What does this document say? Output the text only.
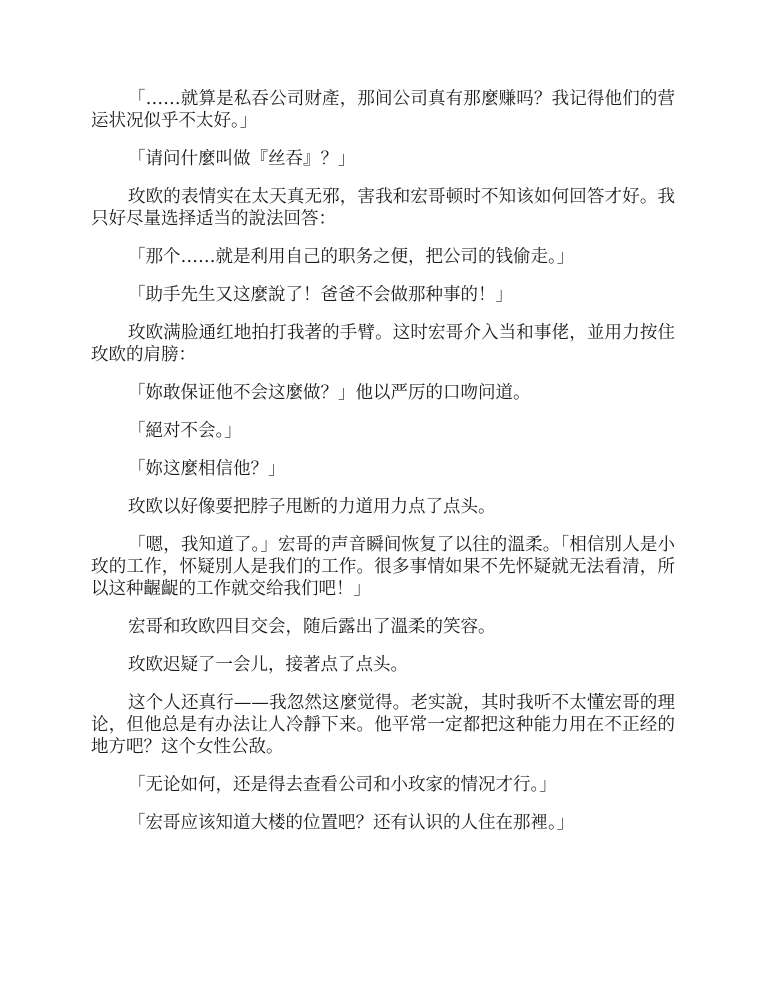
「……就算是私吞公司财產，那间公司真有那麼赚吗？我记得他们的营运状况似乎不太好。」

「请问什麼叫做『丝吞』？」

玫欧的表情实在太天真无邪，害我和宏哥顿时不知该如何回答才好。我只好尽量选择适当的說法回答：

「那个……就是利用自己的职务之便，把公司的钱偷走。」

「助手先生又这麼說了！爸爸不会做那种事的！」

玫欧满脸通红地拍打我著的手臂。这时宏哥介入当和事佬，並用力按住玫欧的肩膀：

「妳敢保证他不会这麼做？」他以严厉的口吻问道。

「絕对不会。」

「妳这麼相信他？」

玫欧以好像要把脖子甩断的力道用力点了点头。

「嗯，我知道了。」宏哥的声音瞬间恢复了以往的溫柔。「相信別人是小玫的工作，怀疑別人是我们的工作。很多事情如果不先怀疑就无法看清，所以这种齷齪的工作就交给我们吧！」

宏哥和玫欧四目交会，随后露出了溫柔的笑容。

玫欧迟疑了一会儿，接著点了点头。

这个人还真行——我忽然这麼觉得。老实說，其时我听不太懂宏哥的理论，但他总是有办法让人冷靜下来。他平常一定都把这种能力用在不正经的地方吧？这个女性公敌。

「无论如何，还是得去查看公司和小玫家的情况才行。」

「宏哥应该知道大楼的位置吧？还有认识的人住在那裡。」
